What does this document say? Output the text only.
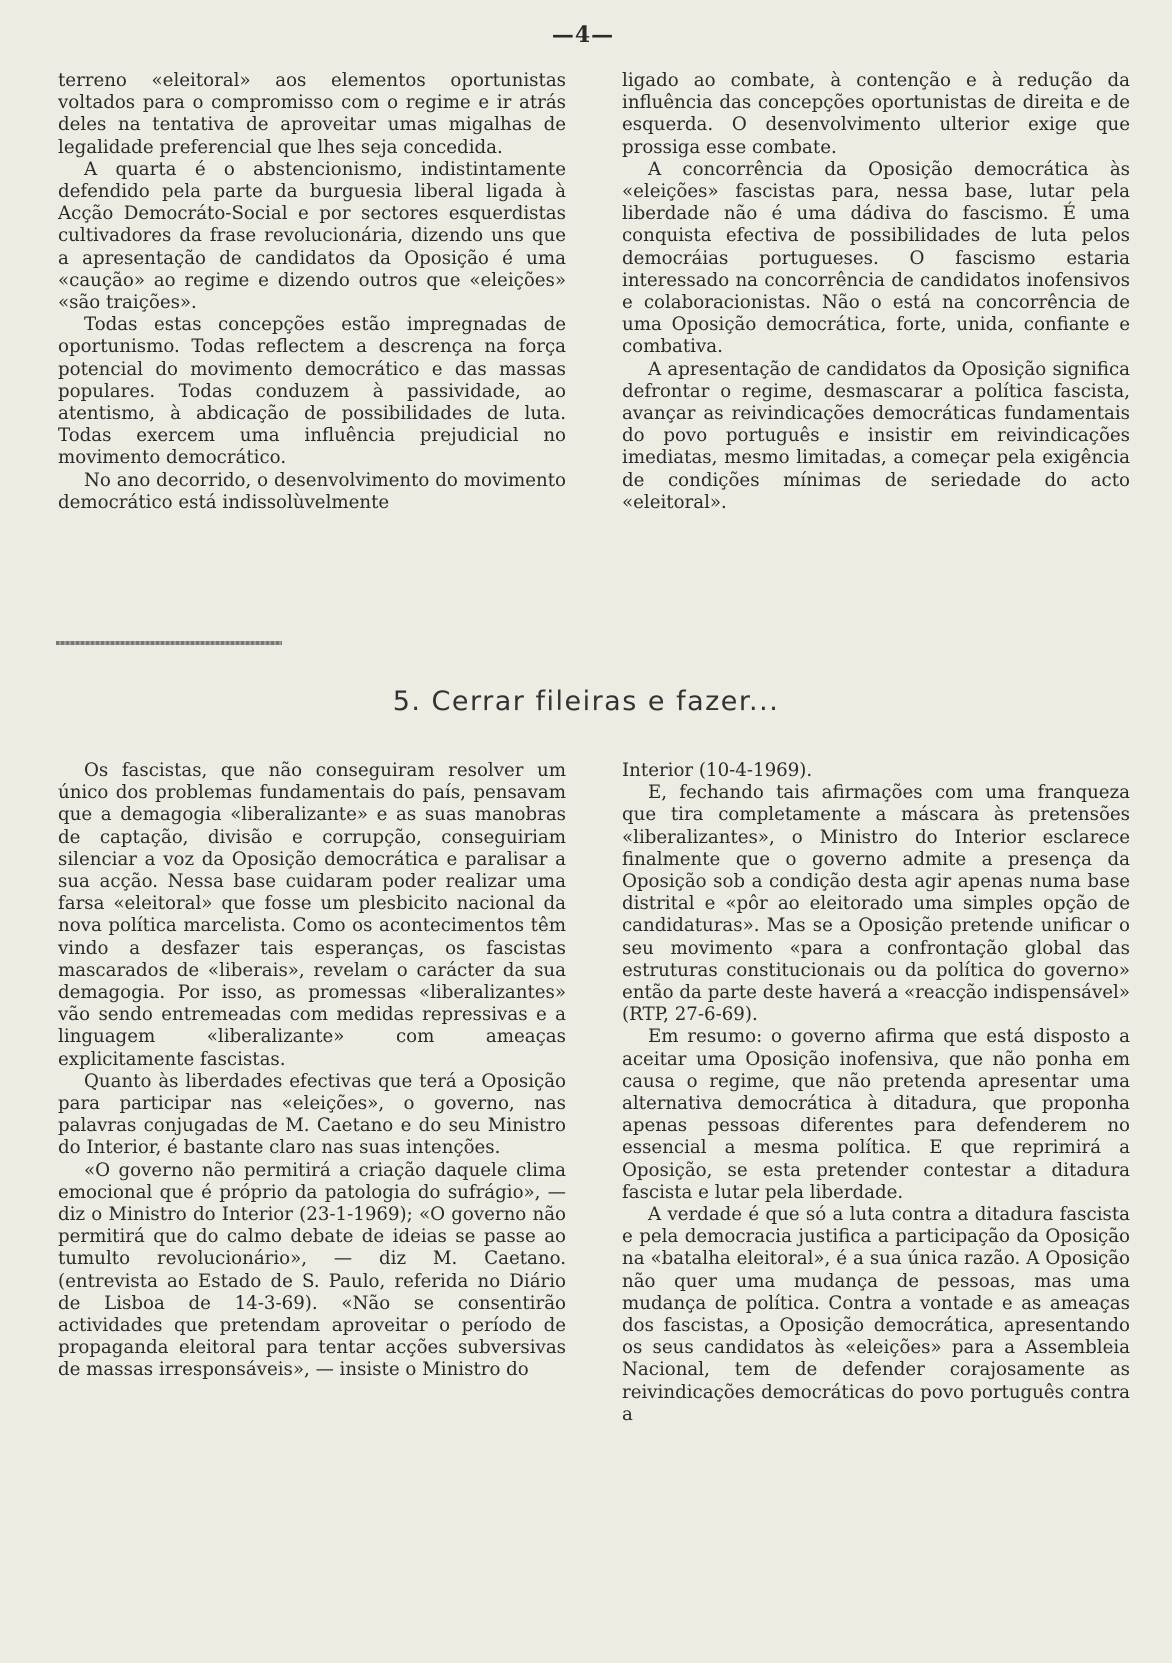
—4—

terreno «eleitoral» aos elementos oportunistas voltados para o compromisso com o regime e ir atrás deles na tentativa de aproveitar umas migalhas de legalidade preferencial que lhes seja concedida.

A quarta é o abstencionismo, indistintamente defendido pela parte da burguesia liberal ligada à Acção Democráto-Social e por sectores esquerdistas cultivadores da frase revolucionária, dizendo uns que a apresentação de candidatos da Oposição é uma «caução» ao regime e dizendo outros que «eleições» «são traições».

Todas estas concepções estão impregnadas de oportunismo. Todas reflectem a descrença na força potencial do movimento democrático e das massas populares. Todas conduzem à passividade, ao atentismo, à abdicação de possibilidades de luta. Todas exercem uma influência prejudicial no movimento democrático.

No ano decorrido, o desenvolvimento do movimento democrático está indissolùvelmente

ligado ao combate, à contenção e à redução da influência das concepções oportunistas de direita e de esquerda. O desenvolvimento ulterior exige que prossiga esse combate.

A concorrência da Oposição democrática às «eleições» fascistas para, nessa base, lutar pela liberdade não é uma dádiva do fascismo. É uma conquista efectiva de possibilidades de luta pelos democráias portugueses. O fascismo estaria interessado na concorrência de candidatos inofensivos e colaboracionistas. Não o está na concorrência de uma Oposição democrática, forte, unida, confiante e combativa.

A apresentação de candidatos da Oposição significa defrontar o regime, desmascarar a política fascista, avançar as reivindicações democráticas fundamentais do povo português e insistir em reivindicações imediatas, mesmo limitadas, a começar pela exigência de condições mínimas de seriedade do acto «eleitoral».

5. Cerrar fileiras e fazer...

Os fascistas, que não conseguiram resolver um único dos problemas fundamentais do país, pensavam que a demagogia «liberalizante» e as suas manobras de captação, divisão e corrupção, conseguiriam silenciar a voz da Oposição democrática e paralisar a sua acção. Nessa base cuidaram poder realizar uma farsa «eleitoral» que fosse um plesbicito nacional da nova política marcelista. Como os acontecimentos têm vindo a desfazer tais esperanças, os fascistas mascarados de «liberais», revelam o carácter da sua demagogia. Por isso, as promessas «liberalizantes» vão sendo entremeadas com medidas repressivas e a linguagem «liberalizante» com ameaças explicitamente fascistas.

Quanto às liberdades efectivas que terá a Oposição para participar nas «eleições», o governo, nas palavras conjugadas de M. Caetano e do seu Ministro do Interior, é bastante claro nas suas intenções.

«O governo não permitirá a criação daquele clima emocional que é próprio da patologia do sufrágio», — diz o Ministro do Interior (23-1-1969); «O governo não permitirá que do calmo debate de ideias se passe ao tumulto revolucionário», — diz M. Caetano. (entrevista ao Estado de S. Paulo, referida no Diário de Lisboa de 14-3-69). «Não se consentirão actividades que pretendam aproveitar o período de propaganda eleitoral para tentar acções subversivas de massas irresponsáveis», — insiste o Ministro do

Interior (10-4-1969).

E, fechando tais afirmações com uma franqueza que tira completamente a máscara às pretensões «liberalizantes», o Ministro do Interior esclarece finalmente que o governo admite a presença da Oposição sob a condição desta agir apenas numa base distrital e «pôr ao eleitorado uma simples opção de candidaturas». Mas se a Oposição pretende unificar o seu movimento «para a confrontação global das estruturas constitucionais ou da política do governo» então da parte deste haverá a «reacção indispensável» (RTP, 27-6-69).

Em resumo: o governo afirma que está disposto a aceitar uma Oposição inofensiva, que não ponha em causa o regime, que não pretenda apresentar uma alternativa democrática à ditadura, que proponha apenas pessoas diferentes para defenderem no essencial a mesma política. E que reprimirá a Oposição, se esta pretender contestar a ditadura fascista e lutar pela liberdade.

A verdade é que só a luta contra a ditadura fascista e pela democracia justifica a participação da Oposição na «batalha eleitoral», é a sua única razão. A Oposição não quer uma mudança de pessoas, mas uma mudança de política. Contra a vontade e as ameaças dos fascistas, a Oposição democrática, apresentando os seus candidatos às «eleições» para a Assembleia Nacional, tem de defender corajosamente as reivindicações democráticas do povo português contra a
